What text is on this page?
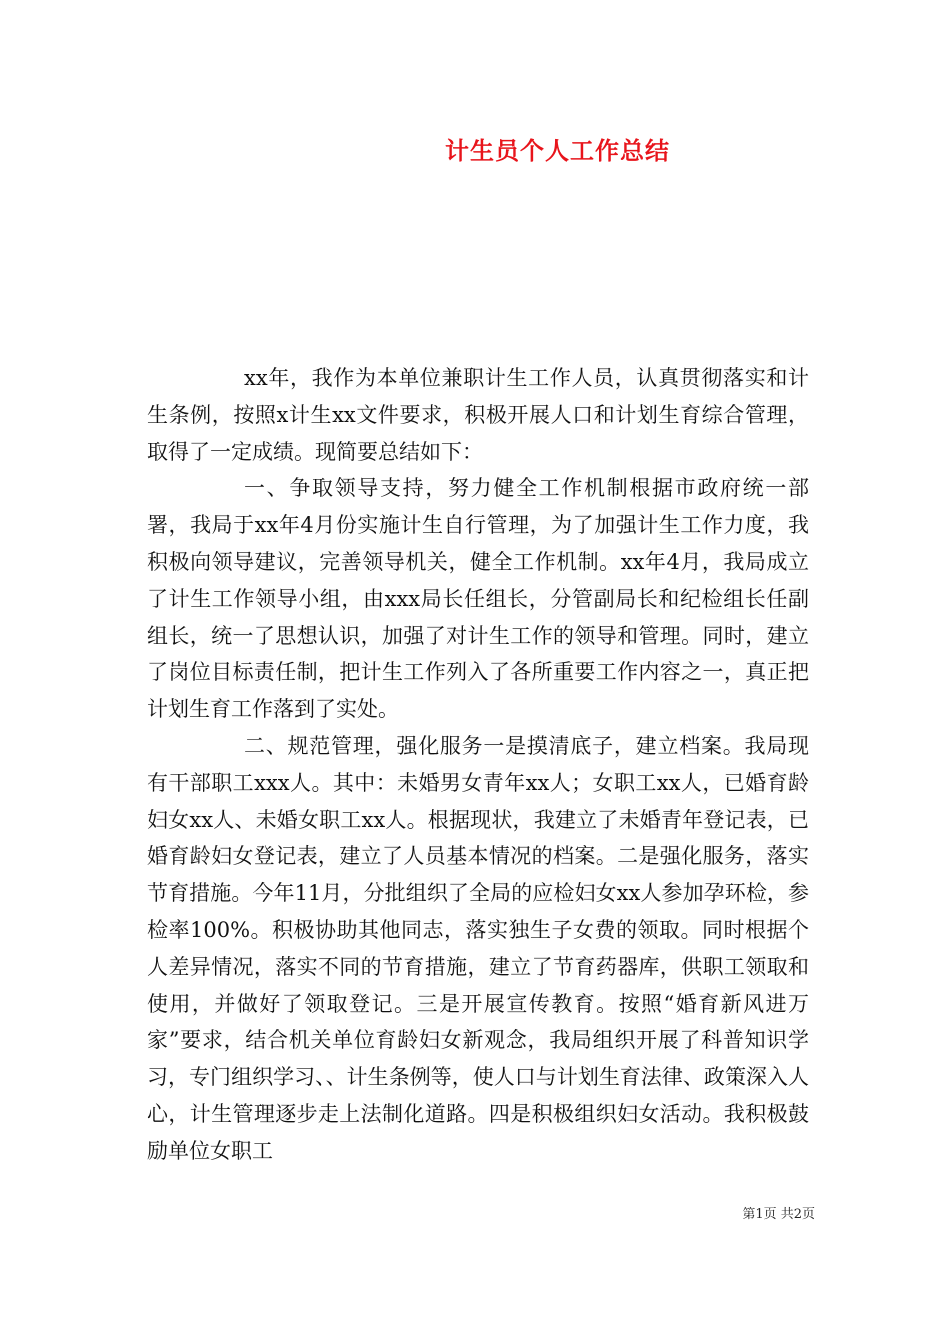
计生员个人工作总结

xx年，我作为本单位兼职计生工作人员，认真贯彻落实和计生条例，按照x计生xx文件要求，积极开展人口和计划生育综合管理，取得了一定成绩。现简要总结如下：

一、争取领导支持，努力健全工作机制根据市政府统一部署，我局于xx年4月份实施计生自行管理，为了加强计生工作力度，我积极向领导建议，完善领导机关，健全工作机制。xx年4月，我局成立了计生工作领导小组，由xxx局长任组长，分管副局长和纪检组长任副组长，统一了思想认识，加强了对计生工作的领导和管理。同时，建立了岗位目标责任制，把计生工作列入了各所重要工作内容之一，真正把计划生育工作落到了实处。

二、规范管理，强化服务一是摸清底子，建立档案。我局现有干部职工xxx人。其中：未婚男女青年xx人；女职工xx人，已婚育龄妇女xx人、未婚女职工xx人。根据现状，我建立了未婚青年登记表，已婚育龄妇女登记表，建立了人员基本情况的档案。二是强化服务，落实节育措施。今年11月，分批组织了全局的应检妇女xx人参加孕环检，参检率100%。积极协助其他同志，落实独生子女费的领取。同时根据个人差异情况，落实不同的节育措施，建立了节育药器库，供职工领取和使用，并做好了领取登记。三是开展宣传教育。按照“婚育新风进万家”要求，结合机关单位育龄妇女新观念，我局组织开展了科普知识学习，专门组织学习、、计生条例等，使人口与计划生育法律、政策深入人心，计生管理逐步走上法制化道路。四是积极组织妇女活动。我积极鼓励单位女职工

第1页 共2页
